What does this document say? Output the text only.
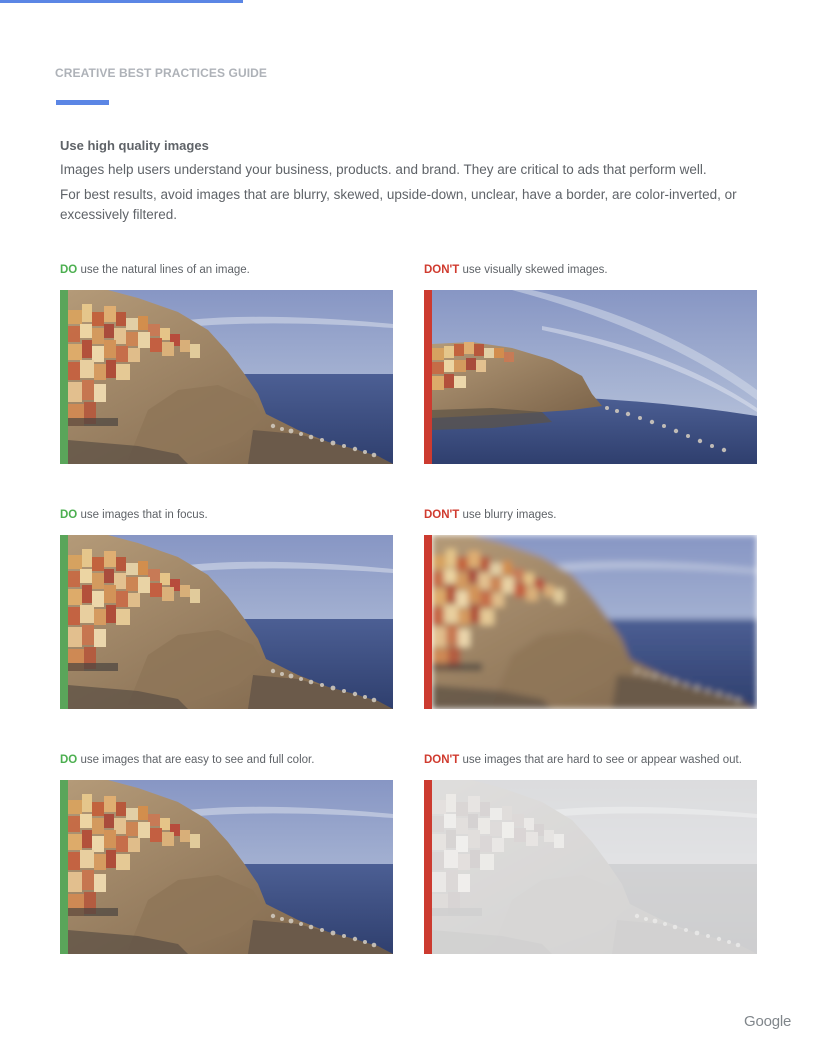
CREATIVE BEST PRACTICES GUIDE
Use high quality images
Images help users understand your business, products. and brand. They are critical to ads that perform well.
For best results, avoid images that are blurry, skewed, upside-down, unclear, have a border, are color-inverted, or excessively filtered.
DO use the natural lines of an image.	DON'T use visually skewed images.
DO use images that in focus.	DON'T use blurry images.
DO use images that are easy to see and full color.	DON'T use images that are hard to see or appear washed out.
Google
